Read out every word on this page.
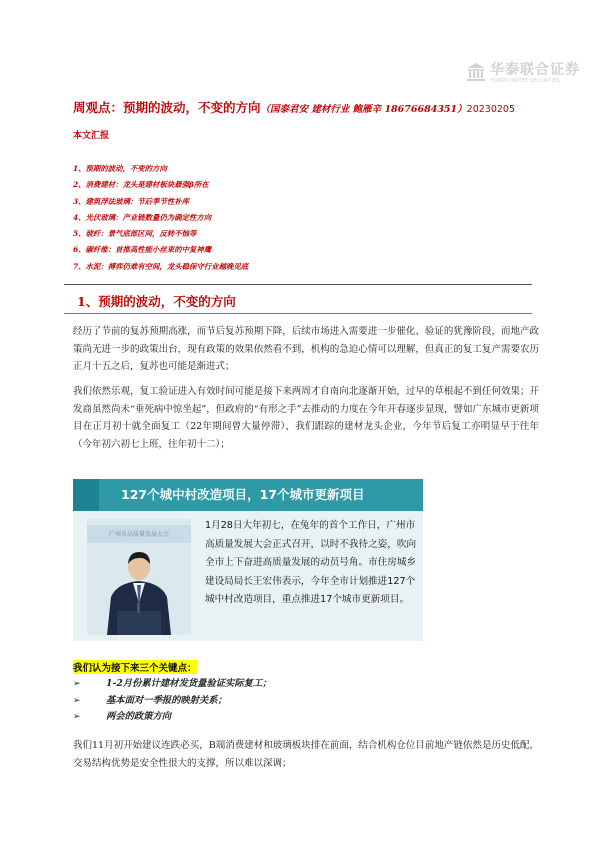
华泰联合证券
HUATAI UNITED SECURITIES
周观点：预期的波动，不变的方向（国泰君安 建材行业 鲍雁辛 18676684351）20230205
本文汇报
1、预期的波动，不变的方向
2、消费建材：龙头是建材板块最强β所在
3、建筑浮法玻璃：节后季节性补库
4、光伏玻璃：产业链数量仍为确定性方向
5、玻纤：景气底部区间，反转不恼等
6、碳纤维：首推高性能小丝束的中复神鹰
7、水泥：搏弈仍难有空间，龙头稳保守行业越晚见底
1、预期的波动，不变的方向

经历了节前的复苏预期高涨，而节后复苏预期下降，后续市场进入需要进一步催化、验证的犹豫阶段，而地产政策尚无进一步的政策出台，现有政策的效果依然看不到，机构的急迫心情可以理解，但真正的复工复产需要农历正月十五之后，复苏也可能是渐进式；

我们依然乐观，复工验证进入有效时间可能是接下来两周才自南向北逐渐开始，过早的草根起不到任何效果；开发商虽然尚未“垂死病中惊坐起”，但政府的“有形之手”去推动的力度在今年开春逐步显现，譬如广东城市更新项目在正月初十就全面复工（22年期间曾大量停滞），我们跟踪的建材龙头企业，今年节后复工亦明显早于往年（今年初六初七上班，往年初十二）；

127个城中村改造项目，17个城市更新项目
广州市高质量发展大会

1月28日大年初七，在兔年的首个工作日，广州市高质量发展大会正式召开，以时不我待之姿，吹向全市上下奋进高质量发展的动员号角。市住房城乡建设局局长王宏伟表示，今年全市计划推进127个城中村改造项目，重点推进17个城市更新项目。

我们认为接下来三个关键点：
➢	1-2月份累计建材发货量验证实际复工；
➢	基本面对一季报的映射关系；
➢	两会的政策方向

我们11月初开始建议连跌必买，B端消费建材和玻璃板块排在前面，结合机构仓位目前地产链依然是历史低配，交易结构优势是安全性很大的支撑，所以难以深调；
